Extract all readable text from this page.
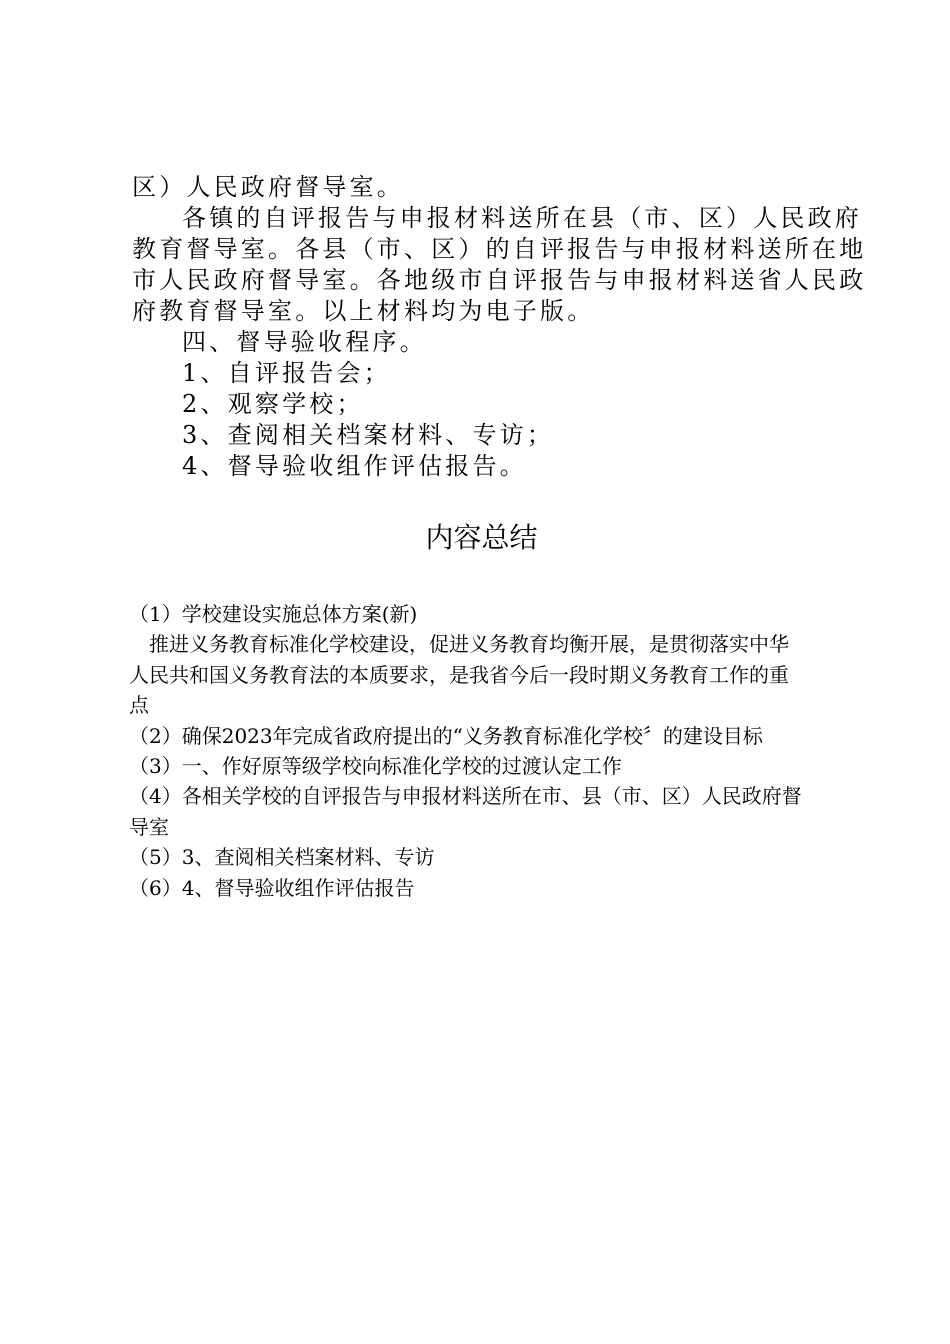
区）人民政府督导室。
各镇的自评报告与申报材料送所在县（市、区）人民政府
教育督导室。各县（市、区）的自评报告与申报材料送所在地
市人民政府督导室。各地级市自评报告与申报材料送省人民政
府教育督导室。以上材料均为电子版。
四、督导验收程序。
1、自评报告会；
2、观察学校；
3、查阅相关档案材料、专访；
4、督导验收组作评估报告。
内容总结
（1）学校建设实施总体方案(新)
推进义务教育标准化学校建设，促进义务教育均衡开展，是贯彻落实中华
人民共和国义务教育法的本质要求，是我省今后一段时期义务教育工作的重
点
（2）确保2023年完成省政府提出的“义务教育标准化学校〞的建设目标
（3）一、作好原等级学校向标准化学校的过渡认定工作
（4）各相关学校的自评报告与申报材料送所在市、县（市、区）人民政府督
导室
（5）3、查阅相关档案材料、专访
（6）4、督导验收组作评估报告
